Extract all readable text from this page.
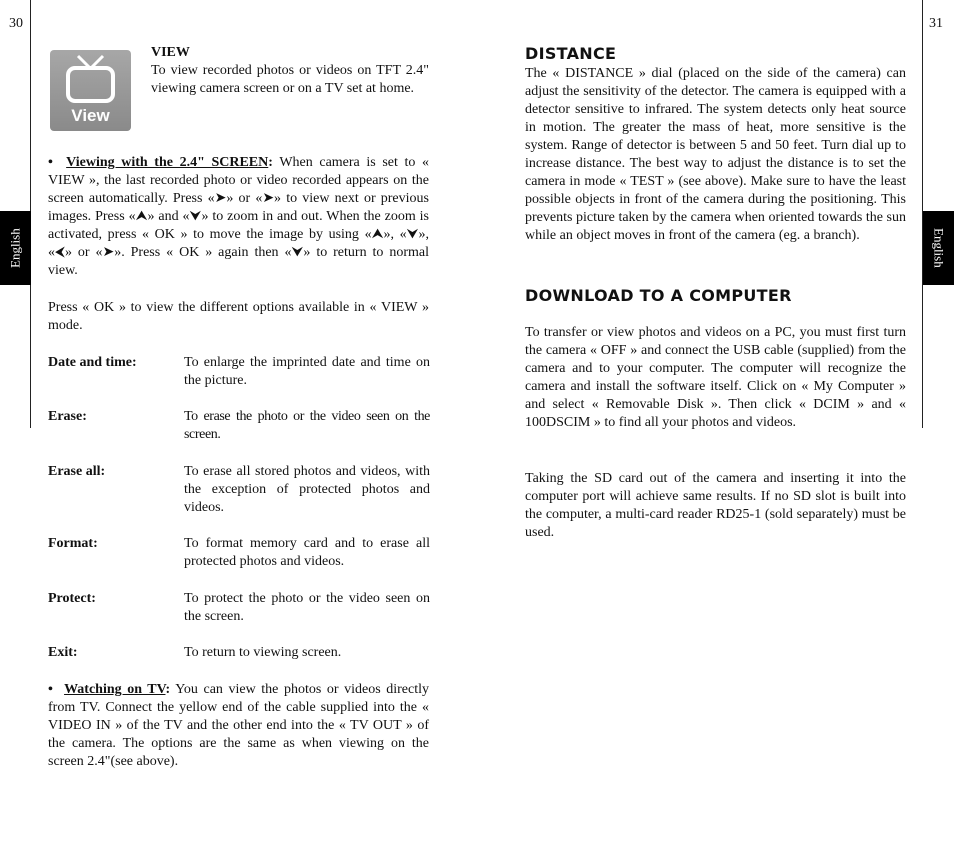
30	31
English	English
View

VIEW

To view recorded photos or videos on TFT 2.4" viewing camera screen or on a TV set at home.

• Viewing with the 2.4" SCREEN: When camera is set to « VIEW », the last recorded photo or video recorded appears on the screen automatically. Press «➤» or «➤» to view next or previous images. Press «⮝» and «⮟» to zoom in and out. When the zoom is activated, press « OK » to move the image by using «⮝», «⮟», «⮜» or «➤». Press « OK » again then «⮟» to return to normal view.

Press « OK » to view the different options available in « VIEW » mode.
Date and time:	To enlarge the imprinted date and time on the picture.
Erase:	To erase the photo or the video seen on the screen.
Erase all:	To erase all stored photos and videos, with the exception of protected photos and videos.
Format:	To format memory card and to erase all protected photos and videos.
Protect:	To protect the photo or the video seen on the screen.
Exit:	To return to viewing screen.

• Watching on TV: You can view the photos or videos directly from TV. Connect the yellow end of the cable supplied into the « VIDEO IN » of the TV and the other end into the « TV OUT » of the camera. The options are the same as when viewing on the screen 2.4"(see above).

DISTANCE
The « DISTANCE » dial (placed on the side of the camera) can adjust the sensitivity of the detector. The camera is equipped with a detector sensitive to infrared. The system detects only heat source in motion. The greater the mass of heat, more sensitive is the system. Range of detector is between 5 and 50 feet. Turn dial up to increase distance. The best way to adjust the distance is to set the camera in mode « TEST » (see above). Make sure to have the least possible objects in front of the camera during the positioning. This prevents picture taken by the camera when oriented towards the sun while an object moves in front of the camera (eg. a branch).
DOWNLOAD TO A COMPUTER
To transfer or view photos and videos on a PC, you must first turn the camera « OFF » and connect the USB cable (supplied) from the camera and to your computer. The computer will recognize the camera and install the software itself. Click on « My Computer » and select « Removable Disk ». Then click « DCIM » and « 100DSCIM » to find all your photos and videos.
Taking the SD card out of the camera and inserting it into the computer port will achieve same results. If no SD slot is built into the computer, a multi-card reader RD25-1 (sold separately) must be used.
